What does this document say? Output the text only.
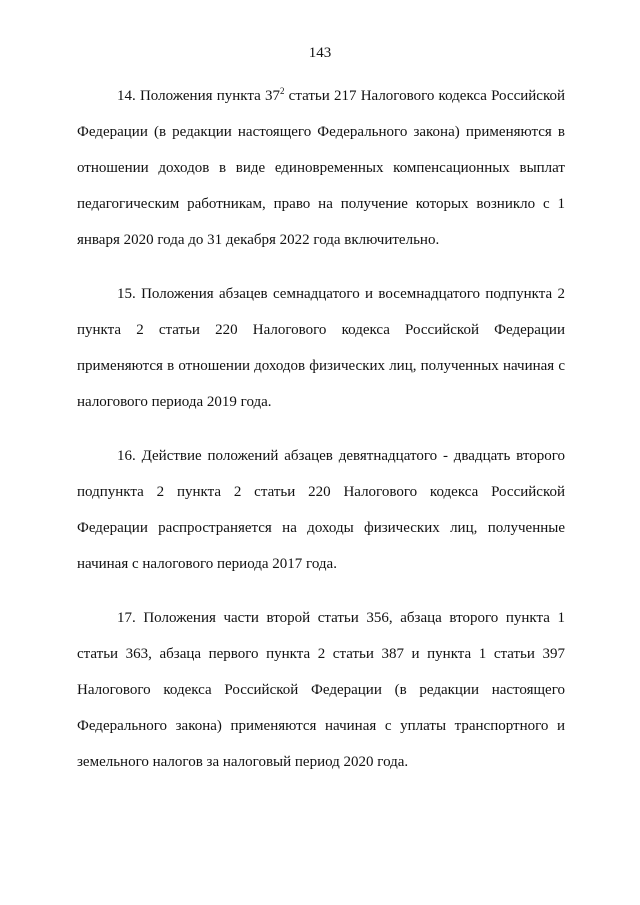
143

14. Положения пункта $37^2$ статьи 217 Налогового кодекса Российской Федерации (в редакции настоящего Федерального закона) применяются в отношении доходов в виде единовременных компенсационных выплат педагогическим работникам, право на получение которых возникло с 1 января 2020 года до 31 декабря 2022 года включительно.

15. Положения абзацев семнадцатого и восемнадцатого подпункта 2 пункта 2 статьи 220 Налогового кодекса Российской Федерации применяются в отношении доходов физических лиц, полученных начиная с налогового периода 2019 года.

16. Действие положений абзацев девятнадцатого - двадцать второго подпункта 2 пункта 2 статьи 220 Налогового кодекса Российской Федерации распространяется на доходы физических лиц, полученные начиная с налогового периода 2017 года.

17. Положения части второй статьи 356, абзаца второго пункта 1 статьи 363, абзаца первого пункта 2 статьи 387 и пункта 1 статьи 397 Налогового кодекса Российской Федерации (в редакции настоящего Федерального закона) применяются начиная с уплаты транспортного и земельного налогов за налоговый период 2020 года.
